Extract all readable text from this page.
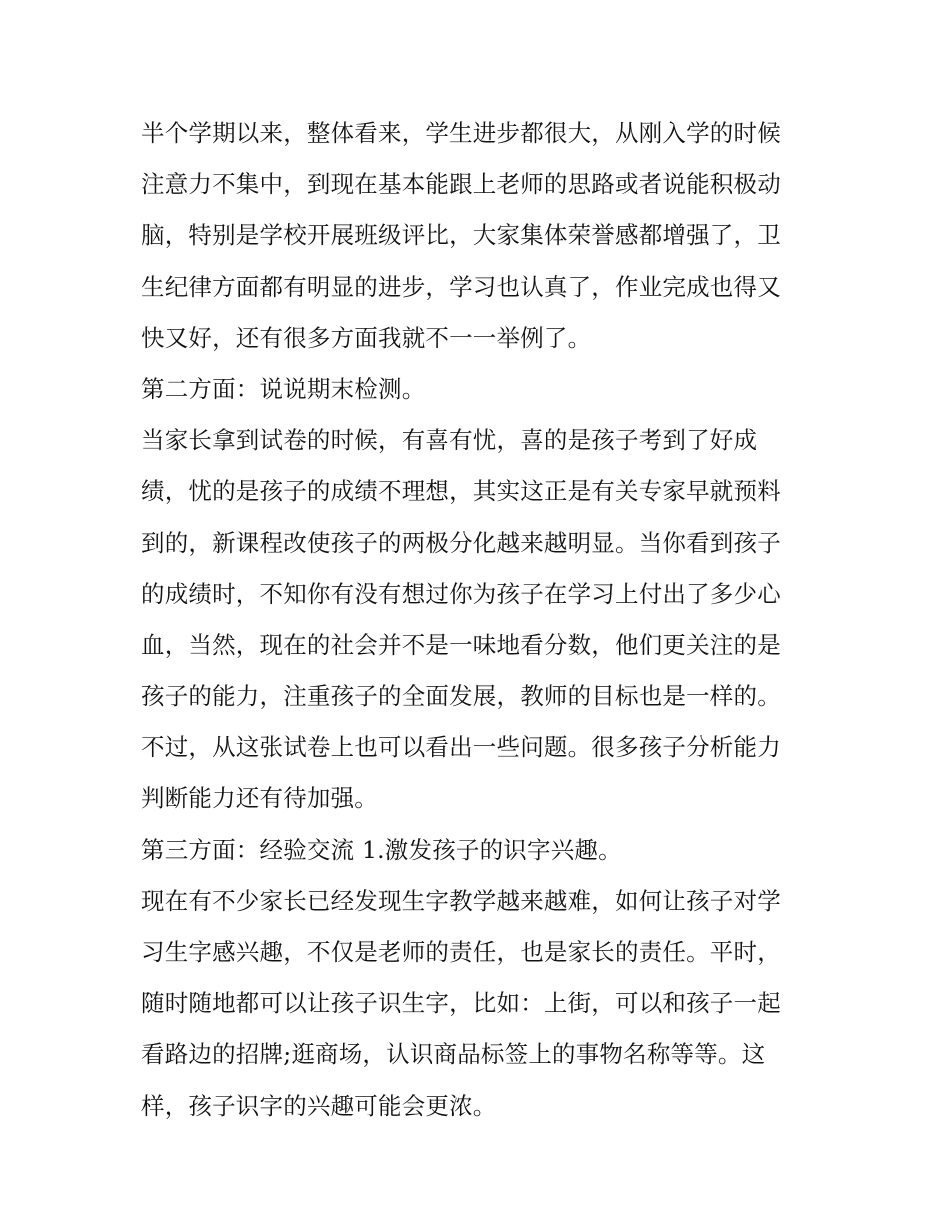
半个学期以来，整体看来，学生进步都很大，从刚入学的时候
注意力不集中，到现在基本能跟上老师的思路或者说能积极动
脑，特别是学校开展班级评比，大家集体荣誉感都增强了，卫
生纪律方面都有明显的进步，学习也认真了，作业完成也得又
快又好，还有很多方面我就不一一举例了。
第二方面：说说期末检测。
当家长拿到试卷的时候，有喜有忧，喜的是孩子考到了好成
绩，忧的是孩子的成绩不理想，其实这正是有关专家早就预料
到的，新课程改使孩子的两极分化越来越明显。当你看到孩子
的成绩时，不知你有没有想过你为孩子在学习上付出了多少心
血，当然，现在的社会并不是一味地看分数，他们更关注的是
孩子的能力，注重孩子的全面发展，教师的目标也是一样的。
不过，从这张试卷上也可以看出一些问题。很多孩子分析能力
判断能力还有待加强。
第三方面：经验交流 1.激发孩子的识字兴趣。
现在有不少家长已经发现生字教学越来越难，如何让孩子对学
习生字感兴趣，不仅是老师的责任，也是家长的责任。平时，
随时随地都可以让孩子识生字，比如：上街，可以和孩子一起
看路边的招牌;逛商场，认识商品标签上的事物名称等等。这
样，孩子识字的兴趣可能会更浓。
